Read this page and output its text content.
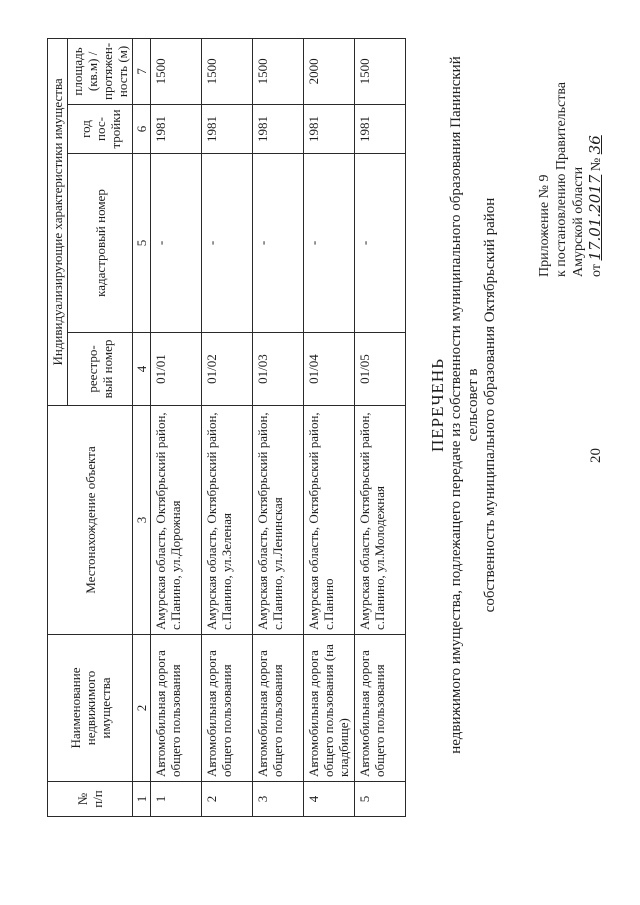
20
Приложение № 9 к постановлению Правительства Амурской области от 17.01.2017 № 36
ПЕРЕЧЕНЬ недвижимого имущества, подлежащего передаче из собственности муниципального образования Панинский сельсовет в собственность муниципального образования Октябрьский район
№ п/п	Наименование недвижимого имущества	Местонахождение объекта	Индивидуализирующие характеристики имущества			
			реестро-вый номер	кадастровый номер	год пос-тройки	площадь (кв.м) / протяжен-ность (м)
1	2	3	4	5	6	7
1	Автомобильная дорога общего пользования	Амурская область, Октябрьский район, с.Панино, ул.Дорожная	01/01	-	1981	1500
2	Автомобильная дорога общего пользования	Амурская область, Октябрьский район, с.Панино, ул.Зеленая	01/02	-	1981	1500
3	Автомобильная дорога общего пользования	Амурская область, Октябрьский район, с.Панино, ул.Ленинская	01/03	-	1981	1500
4	Автомобильная дорога общего пользования (на кладбище)	Амурская область, Октябрьский район, с.Панино	01/04	-	1981	2000
5	Автомобильная дорога общего пользования	Амурская область, Октябрьский район, с.Панино, ул.Молодежная	01/05	-	1981	1500
